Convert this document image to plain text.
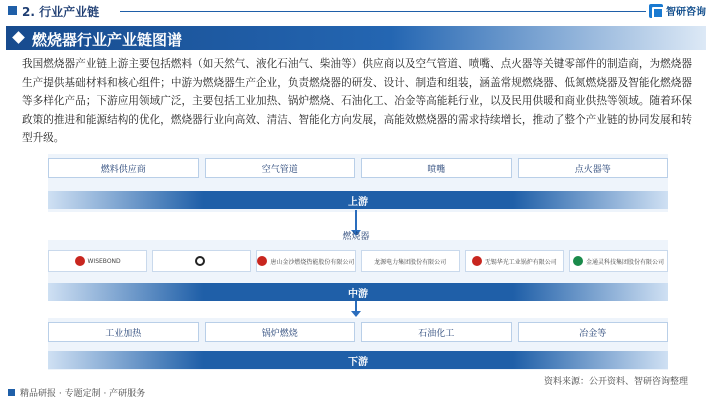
2. 行业产业链	智研咨询
燃烧器行业产业链图谱
我国燃烧器产业链上游主要包括燃料（如天然气、液化石油气、柴油等）供应商以及空气管道、喷嘴、点火器等关键零部件的制造商，为燃烧器生产提供基础材料和核心组件；中游为燃烧器生产企业，负责燃烧器的研发、设计、制造和组装，涵盖常规燃烧器、低氮燃烧器及智能化燃烧器等多样化产品；下游应用领域广泛，主要包括工业加热、锅炉燃烧、石油化工、冶金等高能耗行业，以及民用供暖和商业供热等领域。随着环保政策的推进和能源结构的优化，燃烧器行业向高效、清洁、智能化方向发展，高能效燃烧器的需求持续增长，推动了整个产业链的协同发展和转型升级。
燃料供应商	空气管道	喷嘴	点火器等
上游
燃烧器
WISEBOND	唐山金沙燃烧热能股份有限公司	龙源电力集团股份有限公司	无锡华光工业锅炉有限公司	金通灵科技集团股份有限公司
中游
工业加热	锅炉燃烧	石油化工	冶金等
下游
精品研报 · 专题定制 · 产研服务
资料来源：公开资料、智研咨询整理
